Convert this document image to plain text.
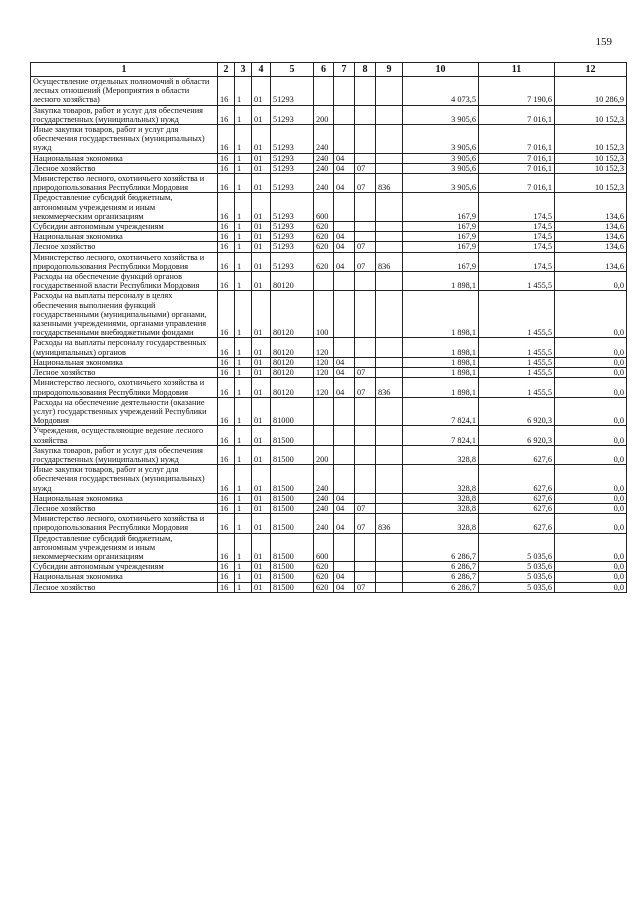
159
1	2	3	4	5	6	7	8	9	10	11	12
Осуществление отдельных полномочий в области лесных отношений (Мероприятия в области лесного хозяйства)	16	1	01	51293					4 073,5	7 190,6	10 286,9
Закупка товаров, работ и услуг для обеспечения государственных (муниципальных) нужд	16	1	01	51293	200				3 905,6	7 016,1	10 152,3
Иные закупки товаров, работ и услуг для обеспечения государственных (муниципальных) нужд	16	1	01	51293	240				3 905,6	7 016,1	10 152,3
Национальная экономика	16	1	01	51293	240	04			3 905,6	7 016,1	10 152,3
Лесное хозяйство	16	1	01	51293	240	04	07		3 905,6	7 016,1	10 152,3
Министерство лесного, охотничьего хозяйства и природопользования Республики Мордовия	16	1	01	51293	240	04	07	836	3 905,6	7 016,1	10 152,3
Предоставление субсидий бюджетным, автономным учреждениям и иным некоммерческим организациям	16	1	01	51293	600				167,9	174,5	134,6
Субсидии автономным учреждениям	16	1	01	51293	620				167,9	174,5	134,6
Национальная экономика	16	1	01	51293	620	04			167,9	174,5	134,6
Лесное хозяйство	16	1	01	51293	620	04	07		167,9	174,5	134,6
Министерство лесного, охотничьего хозяйства и природопользования Республики Мордовия	16	1	01	51293	620	04	07	836	167,9	174,5	134,6
Расходы на обеспечение функций органов государственной власти Республики Мордовия	16	1	01	80120					1 898,1	1 455,5	0,0
Расходы на выплаты персоналу в целях обеспечения выполнения функций государственными (муниципальными) органами, казенными учреждениями, органами управления государственными внебюджетными фондами	16	1	01	80120	100				1 898,1	1 455,5	0,0
Расходы на выплаты персоналу государственных (муниципальных) органов	16	1	01	80120	120				1 898,1	1 455,5	0,0
Национальная экономика	16	1	01	80120	120	04			1 898,1	1 455,5	0,0
Лесное хозяйство	16	1	01	80120	120	04	07		1 898,1	1 455,5	0,0
Министерство лесного, охотничьего хозяйства и природопользования Республики Мордовия	16	1	01	80120	120	04	07	836	1 898,1	1 455,5	0,0
Расходы на обеспечение деятельности (оказание услуг) государственных учреждений Республики Мордовия	16	1	01	81000					7 824,1	6 920,3	0,0
Учреждения, осуществляющие ведение лесного хозяйства	16	1	01	81500					7 824,1	6 920,3	0,0
Закупка товаров, работ и услуг для обеспечения государственных (муниципальных) нужд	16	1	01	81500	200				328,8	627,6	0,0
Иные закупки товаров, работ и услуг для обеспечения государственных (муниципальных) нужд	16	1	01	81500	240				328,8	627,6	0,0
Национальная экономика	16	1	01	81500	240	04			328,8	627,6	0,0
Лесное хозяйство	16	1	01	81500	240	04	07		328,8	627,6	0,0
Министерство лесного, охотничьего хозяйства и природопользования Республики Мордовия	16	1	01	81500	240	04	07	836	328,8	627,6	0,0
Предоставление субсидий бюджетным, автономным учреждениям и иным некоммерческим организациям	16	1	01	81500	600				6 286,7	5 035,6	0,0
Субсидии автономным учреждениям	16	1	01	81500	620				6 286,7	5 035,6	0,0
Национальная экономика	16	1	01	81500	620	04			6 286,7	5 035,6	0,0
Лесное хозяйство	16	1	01	81500	620	04	07		6 286,7	5 035,6	0,0
